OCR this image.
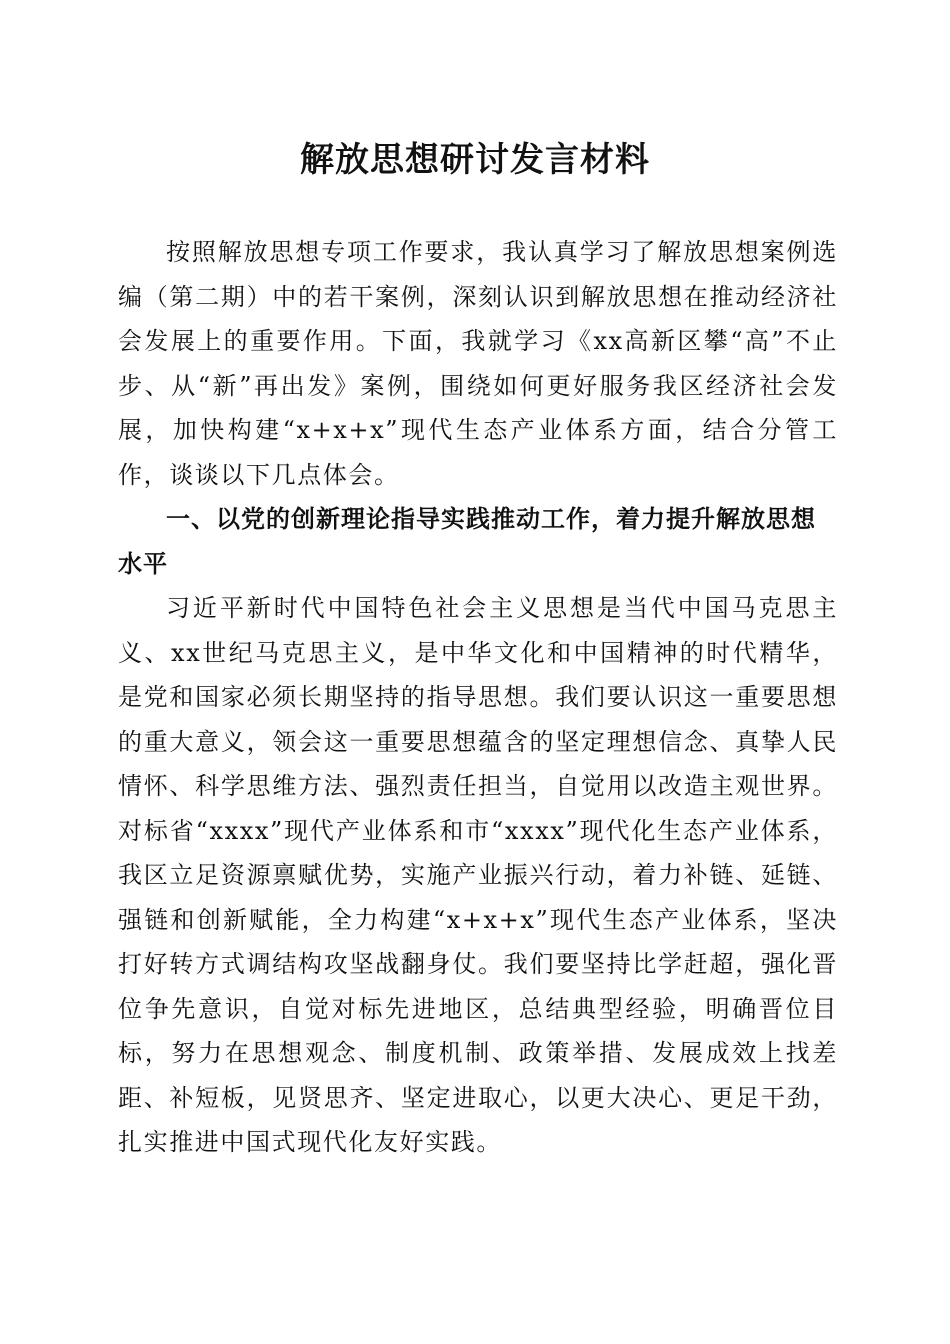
解放思想研讨发言材料

按照解放思想专项工作要求，我认真学习了解放思想案例选编（第二期）中的若干案例，深刻认识到解放思想在推动经济社会发展上的重要作用。下面，我就学习《xx高新区攀“高”不止步、从“新”再出发》案例，围绕如何更好服务我区经济社会发展，加快构建“x+x+x”现代生态产业体系方面，结合分管工作，谈谈以下几点体会。

一、以党的创新理论指导实践推动工作，着力提升解放思想水平

习近平新时代中国特色社会主义思想是当代中国马克思主义、xx世纪马克思主义，是中华文化和中国精神的时代精华，是党和国家必须长期坚持的指导思想。我们要认识这一重要思想的重大意义，领会这一重要思想蕴含的坚定理想信念、真挚人民情怀、科学思维方法、强烈责任担当，自觉用以改造主观世界。对标省“xxxx”现代产业体系和市“xxxx”现代化生态产业体系，我区立足资源禀赋优势，实施产业振兴行动，着力补链、延链、强链和创新赋能，全力构建“x+x+x”现代生态产业体系，坚决打好转方式调结构攻坚战翻身仗。我们要坚持比学赶超，强化晋位争先意识，自觉对标先进地区，总结典型经验，明确晋位目标，努力在思想观念、制度机制、政策举措、发展成效上找差距、补短板，见贤思齐、坚定进取心，以更大决心、更足干劲，扎实推进中国式现代化友好实践。
